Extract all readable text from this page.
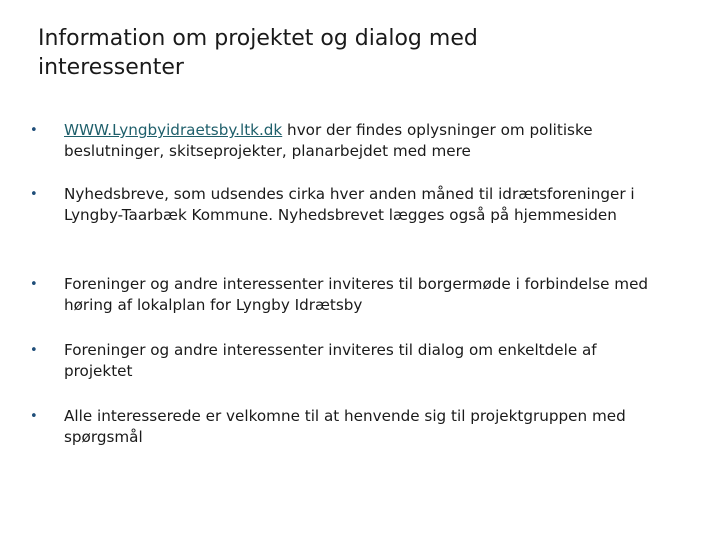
Information om projektet og dialog med interessenter
•	WWW.Lyngbyidraetsby.ltk.dk hvor der findes oplysninger om politiske beslutninger, skitseprojekter, planarbejdet med mere
•	Nyhedsbreve, som udsendes cirka hver anden måned til idrætsforeninger i Lyngby-Taarbæk Kommune. Nyhedsbrevet lægges også på hjemmesiden
•	Foreninger og andre interessenter inviteres til borgermøde i forbindelse med høring af lokalplan for Lyngby Idrætsby
•	Foreninger og andre interessenter inviteres til dialog om enkeltdele af projektet
•	Alle interesserede er velkomne til at henvende sig til projektgruppen med spørgsmål
